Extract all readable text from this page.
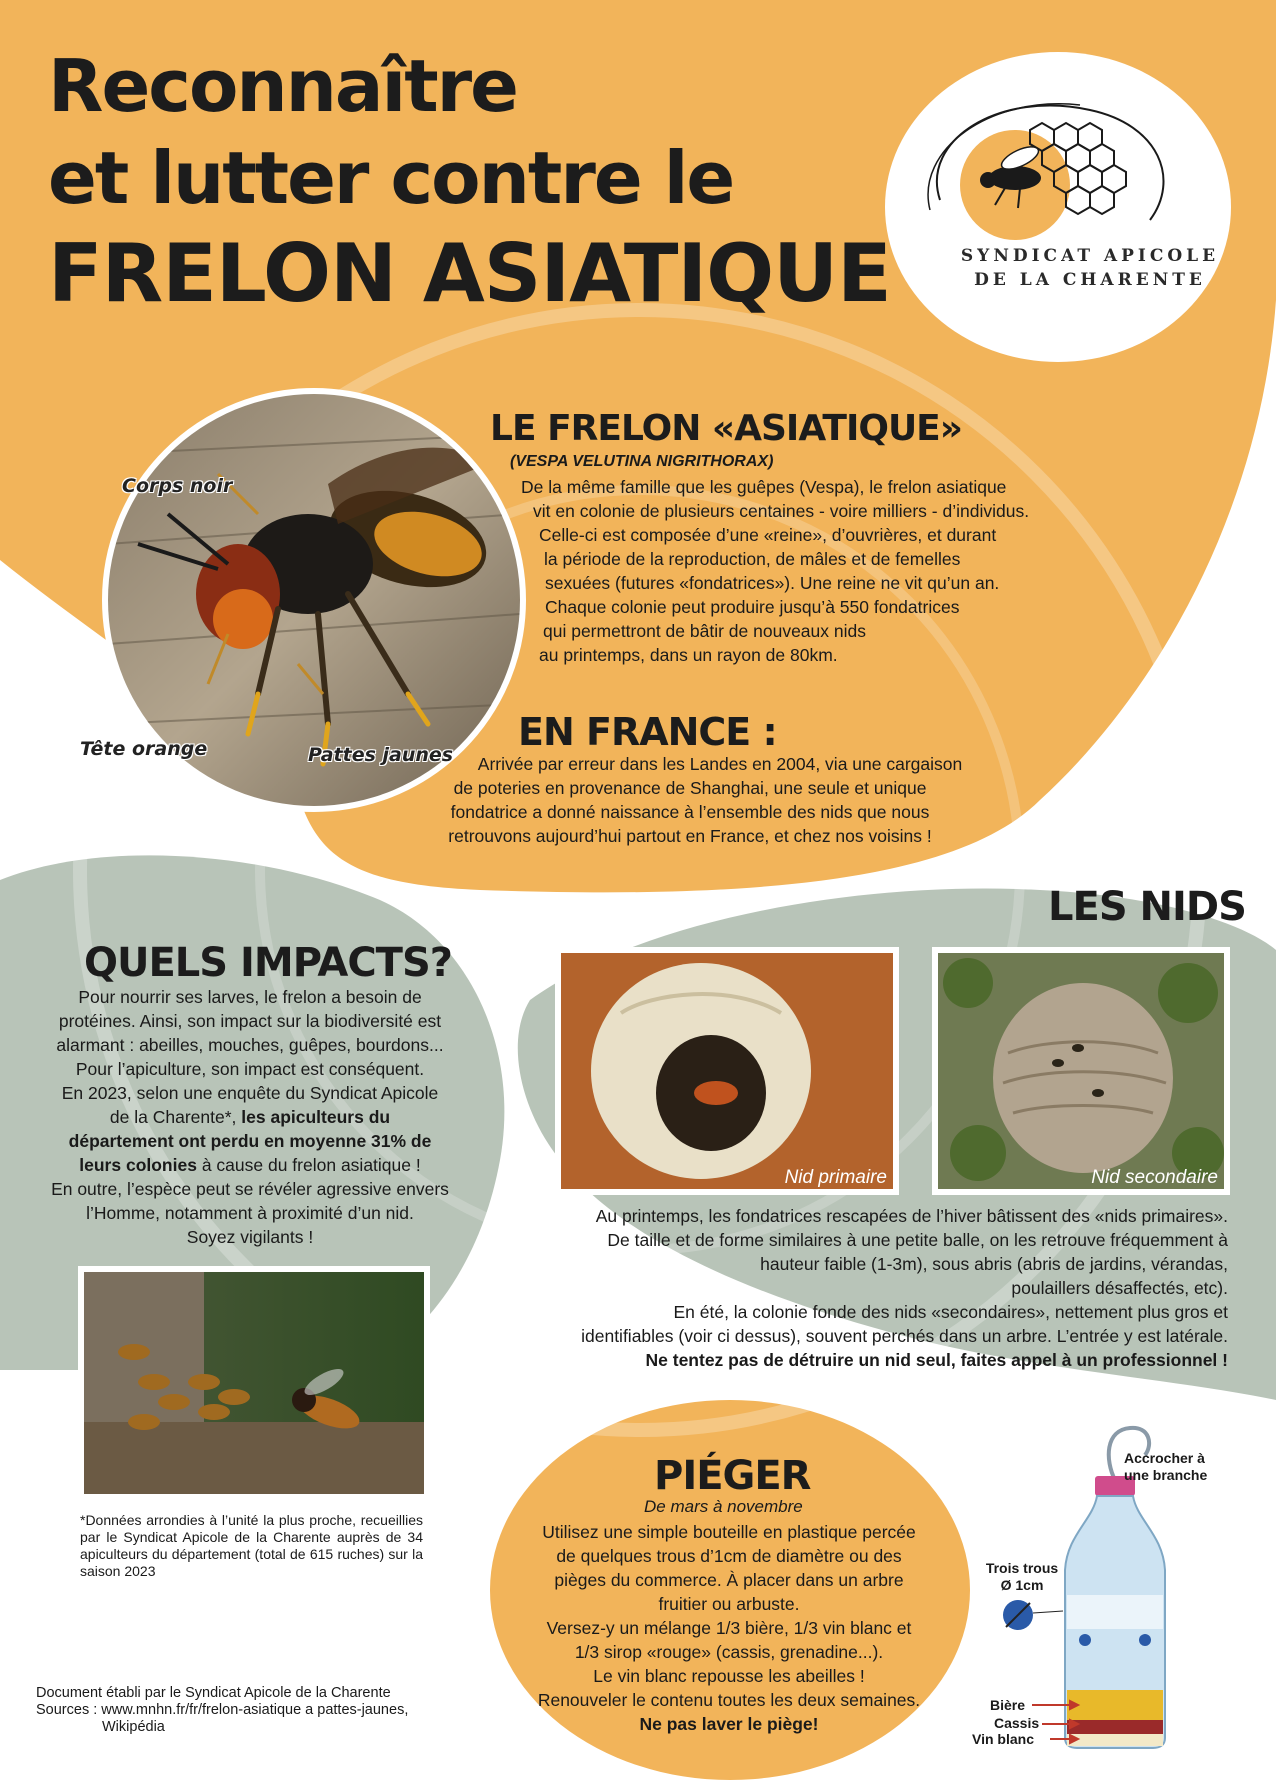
Reconnaître
et lutter contre le
FRELON ASIATIQUE	SYNDICAT APICOLE
DE LA CHARENTE
Corps noir
Tête orange	Pattes jaunes
LE FRELON «ASIATIQUE»
(VESPA VELUTINA NIGRITHORAX)
De la même famille que les guêpes (Vespa), le frelon asiatique
vit en colonie de plusieurs centaines - voire milliers - d’individus.
Celle-ci est composée d’une «reine», d’ouvrières, et durant
la période de la reproduction, de mâles et de femelles
sexuées (futures «fondatrices»). Une reine ne vit qu’un an.
Chaque colonie peut produire jusqu’à 550 fondatrices
qui permettront de bâtir de nouveaux nids
au printemps, dans un rayon de 80km.
EN FRANCE :
Arrivée par erreur dans les Landes en 2004, via une cargaison
de poteries en provenance de Shanghai, une seule et unique
fondatrice a donné naissance à l’ensemble des nids que nous
retrouvons aujourd’hui partout en France, et chez nos voisins !
QUELS IMPACTS?
Pour nourrir ses larves, le frelon a besoin de
protéines. Ainsi, son impact sur la biodiversité est
alarmant : abeilles, mouches, guêpes, bourdons...
Pour l’apiculture, son impact est conséquent.
En 2023, selon une enquête du Syndicat Apicole
de la Charente*, les apiculteurs du
département ont perdu en moyenne 31% de
leurs colonies à cause du frelon asiatique !
En outre, l’espèce peut se révéler agressive envers
l’Homme, notamment à proximité d’un nid.
Soyez vigilants !
*Données arrondies à l’unité la plus proche, recueillies par le Syndicat Apicole de la Charente auprès de 34 apiculteurs du département (total de 615 ruches) sur la saison 2023
LES NIDS
Nid primaire	Nid secondaire
Au printemps, les fondatrices rescapées de l’hiver bâtissent des «nids primaires».
De taille et de forme similaires à une petite balle, on les retrouve fréquemment à
hauteur faible (1-3m), sous abris (abris de jardins, vérandas,
poulaillers désaffectés, etc).
En été, la colonie fonde des nids «secondaires», nettement plus gros et
identifiables (voir ci dessus), souvent perchés dans un arbre. L’entrée y est latérale.
Ne tentez pas de détruire un nid seul, faites appel à un professionnel !
PIÉGER
De mars à novembre
Utilisez une simple bouteille en plastique percée
de quelques trous d’1cm de diamètre ou des
pièges du commerce. À placer dans un arbre
fruitier ou arbuste.
Versez-y un mélange 1/3 bière, 1/3 vin blanc et
1/3 sirop «rouge» (cassis, grenadine...).
Le vin blanc repousse les abeilles !
Renouveler le contenu toutes les deux semaines.
Ne pas laver le piège!
Accrocher à
une branche
Trois trous
Ø 1cm
Bière
Cassis
Vin blanc
Document établi par le Syndicat Apicole de la Charente
Sources : www.mnhn.fr/fr/frelon-asiatique a pattes-jaunes,
Wikipédia
